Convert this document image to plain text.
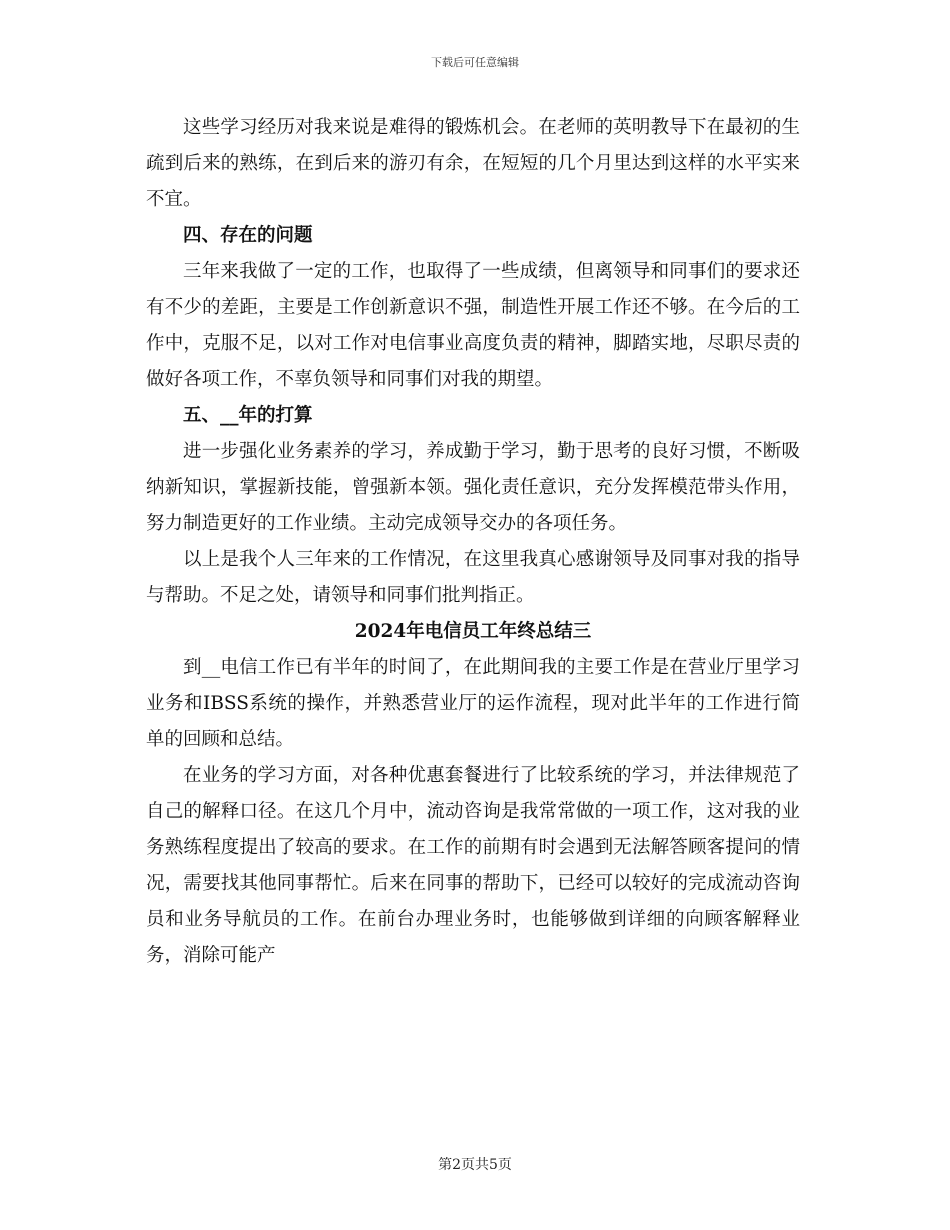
下载后可任意编辑

这些学习经历对我来说是难得的锻炼机会。在老师的英明教导下在最初的生疏到后来的熟练，在到后来的游刃有余，在短短的几个月里达到这样的水平实来不宜。

四、存在的问题

三年来我做了一定的工作，也取得了一些成绩，但离领导和同事们的要求还有不少的差距，主要是工作创新意识不强，制造性开展工作还不够。在今后的工作中，克服不足，以对工作对电信事业高度负责的精神，脚踏实地，尽职尽责的做好各项工作，不辜负领导和同事们对我的期望。

五、__年的打算

进一步强化业务素养的学习，养成勤于学习，勤于思考的良好习惯，不断吸纳新知识，掌握新技能，曾强新本领。强化责任意识，充分发挥模范带头作用，努力制造更好的工作业绩。主动完成领导交办的各项任务。

以上是我个人三年来的工作情况，在这里我真心感谢领导及同事对我的指导与帮助。不足之处，请领导和同事们批判指正。

2024年电信员工年终总结三

到__电信工作已有半年的时间了，在此期间我的主要工作是在营业厅里学习业务和IBSS系统的操作，并熟悉营业厅的运作流程，现对此半年的工作进行简单的回顾和总结。

在业务的学习方面，对各种优惠套餐进行了比较系统的学习，并法律规范了自己的解释口径。在这几个月中，流动咨询是我常常做的一项工作，这对我的业务熟练程度提出了较高的要求。在工作的前期有时会遇到无法解答顾客提问的情况，需要找其他同事帮忙。后来在同事的帮助下，已经可以较好的完成流动咨询员和业务导航员的工作。在前台办理业务时，也能够做到详细的向顾客解释业务，消除可能产

第2页共5页
